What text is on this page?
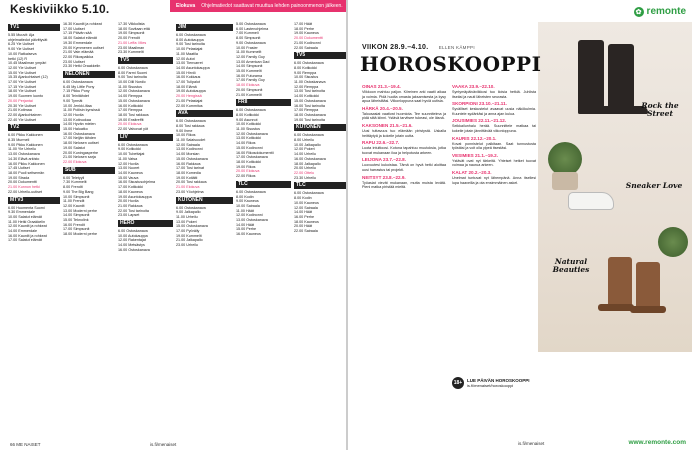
Keskiviikko 5.10.	Elokuva Ohjelmatiedot saattavat muuttua lehden painoonmenon jälkeen.
TV1
5.55 Muuvit: Aja
ohjelmatiedot päivittyvät
6.25 Yle Uutiset
9.00 Yle Uutiset
10.00 Ratkaiseva
hetki (12) R
10.45 Maailman ympäri
12.00 Yle Uutiset
15.00 Yle Uutiset
15.35 Ajankohtaiset (12)
17.00 Yle Uutiset
17.15 Yle Uutiset
18.00 Yle Uutiset
19.00 Suomen luonto
20.00 Perjantai
20.30 Yle Uutiset
21.00 Kotimaa
22.00 Ajankohtainen
22.40 Yle Uutiset
TV2
6.00 Pikku Kakkonen
8.35 Murmeli
9.00 Pikku Kakkonen
11.00 Yle Urheilu
13.00 Ostoskanava
14.30 Elävä arkisto
16.00 Pikku Kakkonen
17.45 Uutiset
18.00 Puoli seitsemän
19.00 Strada
20.00 Dokumentti
21.00 Kunnon hetki
22.00 Urheilu-uutiset
MTV3
6.00 Huomenta Suomi
9.30 Emmerdale
10.00 Salatut elämät
11.00 Hetki Oraakkelin
12.00 Kauniit ja rohkeat
14.00 Emmerdale
16.00 Kauniit ja rohkeat
17.00 Salatut elämät
16.30 Kauniit ja rohkeat
17.00 Uutiset
17.15 Päivän sää
18.00 Salatut elämät
19.30 Emmerdale
20.00 Kymmenen uutiset
21.00 Vain elämää
22.00 Rikospaikka
23.00 Uutiset
23.30 Hetki Oraakkelin
NELONEN
6.00 Ostoskanava
6.45 My Little Pony
7.15 Pikku Pony
8.00 Teinitähdet
9.00 Tyrmät
10.00 Jenkki-iltaa
11.00 Poliisin kynsissä
12.00 Huvila
13.00 Kotiruokaa
14.00 Hyvän mielen
15.00 Haluatko
16.00 Ostoskanava
17.00 Neljän tähden
18.00 Nelosen uutiset
19.00 Salatut
20.00 Kuningasperhe
21.00 Nelosen sarja
22.00 Elokuva
SUB
6.00 Teletyyli
7.30 Kummelit
8.00 Frendit
9.00 The Big Bang
10.00 Simpsonit
11.00 Frendit
12.00 Kauniit
13.00 Moderni perhe
14.00 Simpsonit
15.00 Teknolink
16.00 Frendit
17.00 Simpsonit
18.00 Moderni perhe
17.30 Viikkolista
18.00 Sovitaan että
19.00 Simpsonit
20.00 Frendit
21.00 Leffa: Mies
23.00 Maailman
23.30 Kummelit
TV5
6.00 Ostoskanava
8.00 Farmi Suomi
9.00 Tosi tarinoita
10.00 Diili Nordic
11.00 Sisustus
12.00 Ostoskanava
14.00 Remppa
15.00 Ostoskanava
16.00 Kotikokki
17.00 Remppa
18.00 Tosi rakkaus
19.00 Ensitreffit
20.00 Elokuva
22.00 Valvovat yöt
LIV
6.00 Ostoskanava
9.00 Kotikokki
10.00 Tubettajat
11.00 Vatsa
12.00 Huvila
13.00 Nuoret
14.00 Kauneus
15.00 Vauva
16.00 Sisustusohjelma
17.00 Kotikokki
18.00 Kauneus
19.00 Asuntokauppa
20.00 Huvila
21.00 Rakkaus
22.00 Tosi tarinoita
23.00 Lapset
HERO
6.00 Ostoskanava
10.00 Autokauppa
12.00 Rakentajat
14.00 Metsästys
16.00 Ostoskanava
JIM
6.00 Ostoskanava
8.00 Autokauppa
9.00 Tosi tarinoita
10.00 Pelastajat
11.00 Maatila
12.00 Autot
13.00 Tienvarret
14.00 Asuntokauppa
15.00 Hirviö
16.00 Kokkaus
17.00 Tulipalot
18.00 Elämä
19.00 Autokauppa
20.00 Hengissä
21.00 Pelastajat
22.00 Kummitus
AVA
6.00 Ostoskanava
8.00 Tosi rakkaus
9.00 Ihme
10.00 Rikos
11.00 Salaisuudet
12.00 Sairaala
13.00 Kodinonni
14.00 Morsian
15.00 Ostoskanava
16.00 Rakkaus
17.00 Tosi tarinat
18.00 Komedia
19.00 Kotiäiti
20.00 Tosi rakkaus
21.00 Elokuva
23.00 Yöohjelma
KUTONEN
6.00 Ostoskanava
9.00 Jalkapallo
11.00 Urheilu
13.00 Pokeri
15.00 Ostoskanava
17.00 Pyöräily
19.00 Kummelit
21.00 Jalkapallo
23.00 Urheilu
5.00 Ostoskanava
6.00 Lastenohjelma
7.00 Kummeli
8.00 Simpsonit
9.00 Ostoskanava
10.00 Frasier
11.00 Kummelit
12.00 Family Guy
13.00 American Dad
14.00 Simpsonit
15.00 Kummelit
16.00 Futurama
17.00 Family Guy
18.00 Elokuva
20.00 Simpsonit
21.00 Kummelit
FRII
6.00 Ostoskanava
8.00 Kotikokki
9.00 Asunnot
10.00 Kotikokki
11.00 Sisustus
12.00 Ostoskanava
13.00 Kotikokki
14.00 Rikos
15.00 Kodinonni
16.00 Rikosdokumentti
17.00 Ostoskanava
18.00 Kotikokki
19.00 Rikos
20.00 Elokuva
22.00 Rikos
TLC
6.00 Ostoskanava
8.00 Kodin
9.00 Kauneus
10.00 Sairaala
11.00 Häät
12.00 Kodinonni
13.00 Ostoskanava
14.00 Häät
15.00 Perhe
16.00 Kauneus
17.00 Häät
18.00 Perhe
19.00 Kauneus
20.00 Dokumentti
21.00 Kodinonni
22.00 Sairaala
TV5
6.00 Ostoskanava
8.00 Kotikokki
9.00 Remppa
10.00 Sisustus
11.00 Ostoskanava
12.00 Remppa
13.00 Tosi tarinoita
14.00 Kotikokki
15.00 Ostoskanava
16.00 Tosi tarinoita
17.00 Remppa
18.00 Ostoskanava
19.00 Tosi tarinoita
KUTONEN
6.00 Ostoskanava
8.00 Urheilu
10.00 Jalkapallo
12.00 Pokeri
14.00 Urheilu
16.00 Ostoskanava
18.00 Jalkapallo
20.00 Urheilu
22.00 Ottelu
23.30 Urheilu
TLC
6.00 Ostoskanava
8.00 Kodin
10.00 Kauneus
12.00 Sairaala
14.00 Häät
16.00 Perhe
18.00 Kauneus
20.00 Häät
22.00 Sairaala
66 ME NAISET	is.fi/menaiset
✿ remonte
Rock the Street
Sneaker Love
Natural Beauties
VIIKON 28.9.–4.10. ELLEN KÄMPPI
HOROSKOOPPI
OINAS 21.3.–19.4.
Viikkoon mahtuu paljon. Kiireinen arki vaatii aikaa ja voimia. Pidä huolta omasta jaksamisesta ja kysy apua läheisiltäsi. Viikonloppuna saat hyviä uutisia.
HÄRKÄ 20.4.–20.5.
Talousasiat vaativat huomiota. Tee suunnitelma ja pidä siitä kiinni. Ystävä tarvitsee tukeasi, ole läsnä.
KAKSONEN 21.5.–21.6.
Uusi tuttavuus tuo elämään piristystä. Uskalla heittäytyä ja kokeile jotain uutta.
RAPU 22.6.–22.7.
Luota intuitioosi. Kotona tapahtuu muutoksia, jotka tuovat mukanaan iloa ja helpotusta arkeen.
LEIJONA 23.7.–22.8.
Luovuutesi kukoistaa. Tämä on hyvä hetki aloittaa uusi harrastus tai projekti.
NEITSYT 23.8.–22.9.
Työasiat vievät mukanaan, mutta muista levätä. Pieni matka piristää mieltä.
VAAKA 23.9.–22.10.
Syntymäpäiväviikkosi tuo iloisia hetkiä. Juhlista itseäsi ja nauti läheisten seurasta.
SKORPIONI 23.10.–21.11.
Syvälliset keskustelut avaavat uusia näkökulmia. Kuuntele sydäntäsi ja anna ajan kulua.
JOUSIMIES 22.11.–21.12.
Seikkailunhalu herää. Suunnittele matkaa tai kokeile jotain jännittävää viikonloppuna.
KAURIS 22.12.–20.1.
Kovat ponnistelut palkitaan. Saat tunnustusta työstäsi ja voit olla ylpeä itsestäsi.
VESIMIES 21.1.–19.2.
Ystävät ovat nyt tärkeitä. Yhteiset hetket tuovat voimaa ja naurua arkeen.
KALAT 20.2.–20.3.
Unelmat tuntuvat nyt lähempänä. Anna itsellesi lupa haaveilla ja ota ensimmäinen askel.
18+	LUE PÄIVÄN HOROSKOOPPI
is.fi/menaiset/horoskooppi
is.fi/menaiset	www.remonte.com
